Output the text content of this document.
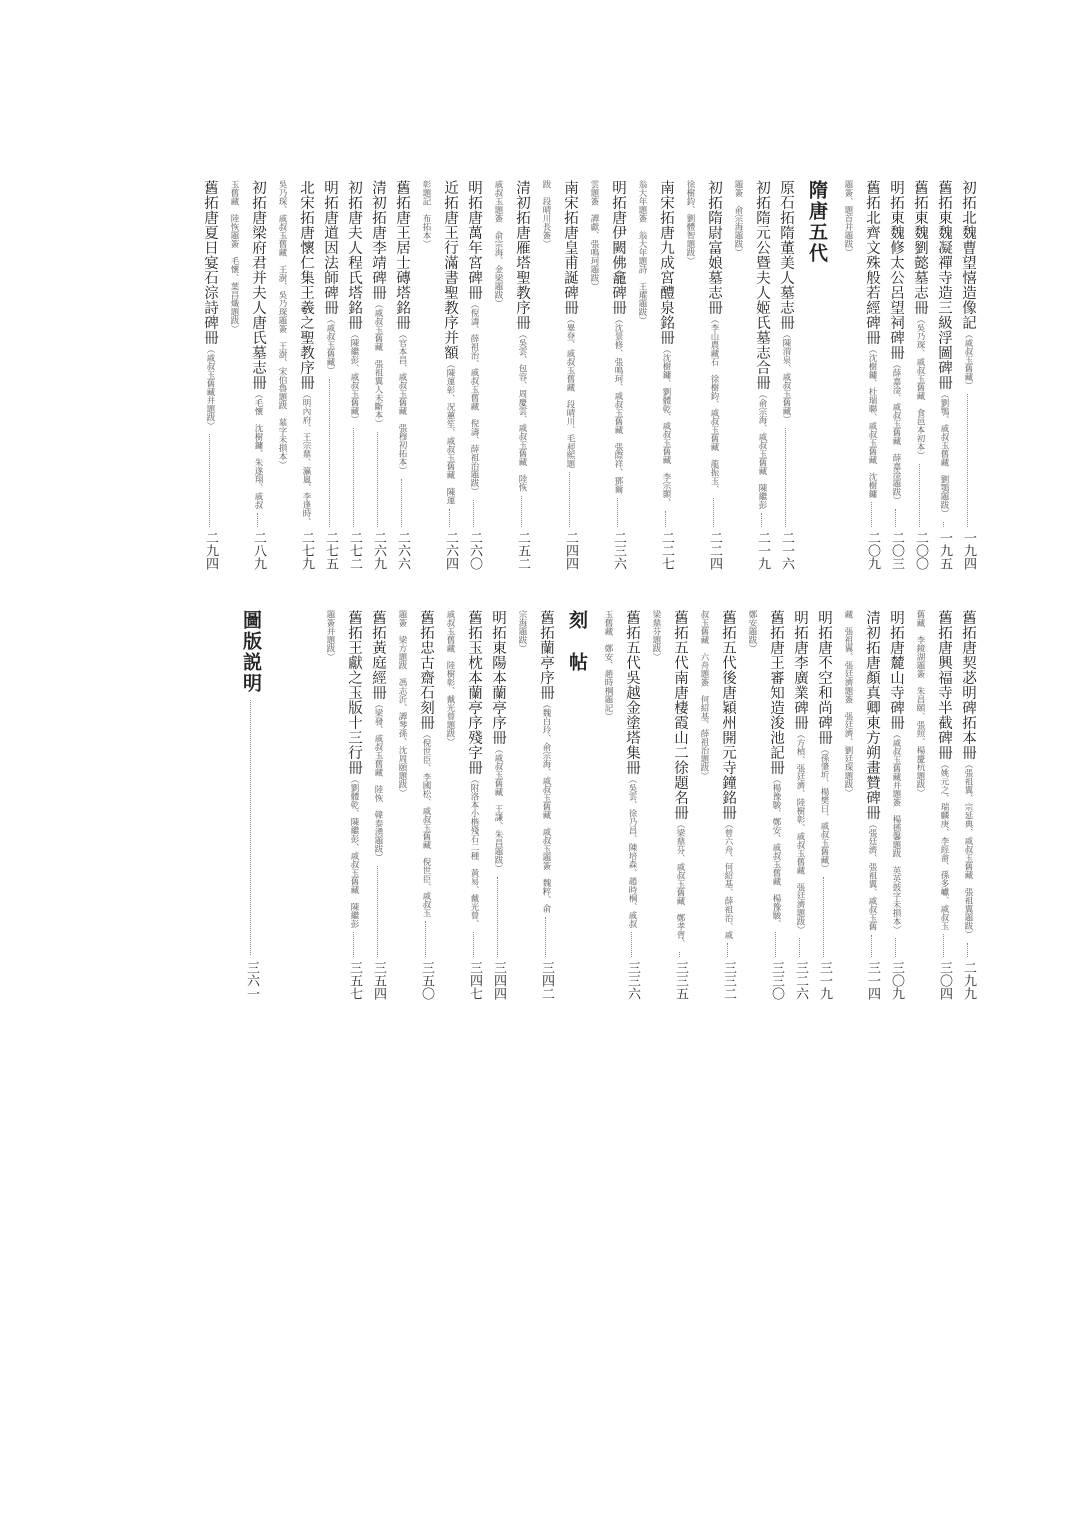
初拓北魏曹望憘造像記（戚叔玉舊藏）
一九四
舊拓東魏凝禪寺造三級浮圖碑冊（劉鶚、戚叔玉舊藏　劉鶚題跋）
一九五
舊拓東魏劉懿墓志冊（吳乃琛、戚叔玉舊藏　食邑本初本）
二〇〇
明拓東魏修太公呂望祠碑冊（薛嘉淦、戚叔玉舊藏　薛嘉淦題跋）
二〇三
舊拓北齊文殊般若經碑冊（沈樹鏞、杜瑞聯、戚叔玉舊藏　沈樹鏞
二〇九
題簽、題首并題跋）
隋唐五代
原石拓隋董美人墓志冊（陳渭泉、戚叔玉舊藏）
二一六
初拓隋元公暨夫人姬氏墓志合冊（俞宗海、戚叔玉舊藏　陳繼彭
二一九
題簽　俞宗海題跋）
初拓隋尉富娘墓志冊（李山農藏石　徐樹鈞、戚叔玉舊藏　龍振玉、
二二四
徐樹鈞、劉體智題跋）
南宋拓唐九成宮醴泉銘冊（沈樹鏞、劉體乾、戚叔玉舊藏　李宗顥、
二二七
翁大年題簽　翁大年題詩　王瓘題跋）
明拓唐伊闕佛龕碑冊（沈景修、張鳴珂、戚叔玉舊藏　張際祥、鄧爾
二三六
雲題簽　譚獻、張鳴珂題跋）
南宋拓唐皇甫誕碑冊（畢登、戚叔玉舊藏　段晴川、毛昶熙題
二四四
跋　段晴川長簽）
清初拓唐雁塔聖教序冊（吳雲、包容、周慶雲、戚叔玉舊藏　陸恢
二五二
戚叔玉題簽　俞宗海、金梁題跋）
明拓唐萬年宮碑冊（倪濤、薛祖治、戚叔玉舊藏　倪濤、薛祖治題跋）
二六〇
近拓唐王行滿書聖教序并額（陳運彰、况蕙笙、戚叔玉舊藏　陳運
二六四
彰題記　布拓本）
舊拓唐王居士磚塔銘冊（官本昌、戚叔玉舊藏　張穆初拓本）
二六六
清初拓唐李靖碑冊（戚叔玉舊藏　張祖翼人未斷本）
二六九
初拓唐夫人程氏塔銘冊（陳繼彭、戚叔玉舊藏）
二七二
明拓唐道因法師碑冊（戚叔玉舊藏）
二七五
北宋拓唐懷仁集王羲之聖教序冊（明內府、王宗鼎、瀛嵐、李逢時、
二七九
吳乃琛、戚叔玉舊藏　王澍、吳乃琛題簽　王澍、宋伯魯題跋　墓字未損本）
初拓唐梁府君并夫人唐氏墓志冊（毛懷　沈樹鏞、朱遂翔、戚叔
二八九
玉舊藏　陸恢題簽　毛懷、葉昌熾題跋）
舊拓唐夏日宴石淙詩碑冊（戚叔玉舊藏并題跋）
二九四
舊拓唐契苾明碑拓本冊（張祖翼、宗延典、戚叔玉舊藏　張祖翼題跋）
二九九
舊拓唐興福寺半截碑冊（姚元之、瑞麟庚、李經畬、孫多巘、戚叔玉
三〇四
舊藏　李鏡湖題簽　朱昌頤、張照、楊慶杭題跋）
明拓唐麓山寺碑冊（戚叔玉舊藏并題簽　楊德馨題跋　英英鼓字未損本）
三〇九
清初拓唐顏真卿東方朔畫贊碑冊（張廷濟、張祖翼、戚叔玉舊
三一四
藏　張祖翼、張廷濟題簽　張廷濟、劉廷琛題跋）
明拓唐不空和尚碑冊（孫肇圻、楊樊日、戚叔玉舊藏）
三一九
明拓唐李廣業碑冊（方楨、張廷濟、陸樹彰、戚叔玉舊藏　張廷濟題跋）
三二六
舊拓唐王審知造浚池記冊（楊豫駿、鄭安、戚叔玉舊藏　楊豫駿、
三三〇
鄭安題跋）
舊拓五代後唐穎州開元寺鐘銘冊（曾六舟、何紹基、薛祖治、戚
三三二
叔玉舊藏　六舟題簽　何紹基、薛祖治題跋）
舊拓五代南唐棲霞山二徐題名冊（梁鼎芬、戚叔玉舊藏　鄭孝胥、
三三五
梁鼎芬題跋）
舊拓五代吳越金塗塔集冊（吳雲、徐乃昌、陳培森、趙時棡、戚叔
三三六
玉舊藏　鄭安、趙時棡題記）
刻　帖
舊拓蘭亭序冊（魏白玲、俞宗海、戚叔玉舊藏　戚叔玉題簽　魏粹、俞
三四二
宗海題跋）
明拓東陽本蘭亭序冊（戚叔玉舊藏　王謙、朱昌題跋）
三四四
舊拓玉枕本蘭亭序殘字冊（附洛本小楷殘石二種　黃易、戴光曾、
三四七
戚叔玉舊藏　陸樹彰、戴光曾題跋）
舊拓忠古齋石刻冊（倪世臣、李國松、戚叔玉舊藏　倪世臣、戚叔玉
三五〇
題簽　梁方題跋　馮志沂、譚琴孫、沈周頤題跋）
舊拓黃庭經冊（梁發、戚叔玉舊藏　陸恢　韓泰湧題跋）
三五四
舊拓王獻之玉版十三行冊（劉體乾、陳繼彭、戚叔玉舊藏　陳繼彭
三五七
題簽并題跋）
圖版説明
三六一
